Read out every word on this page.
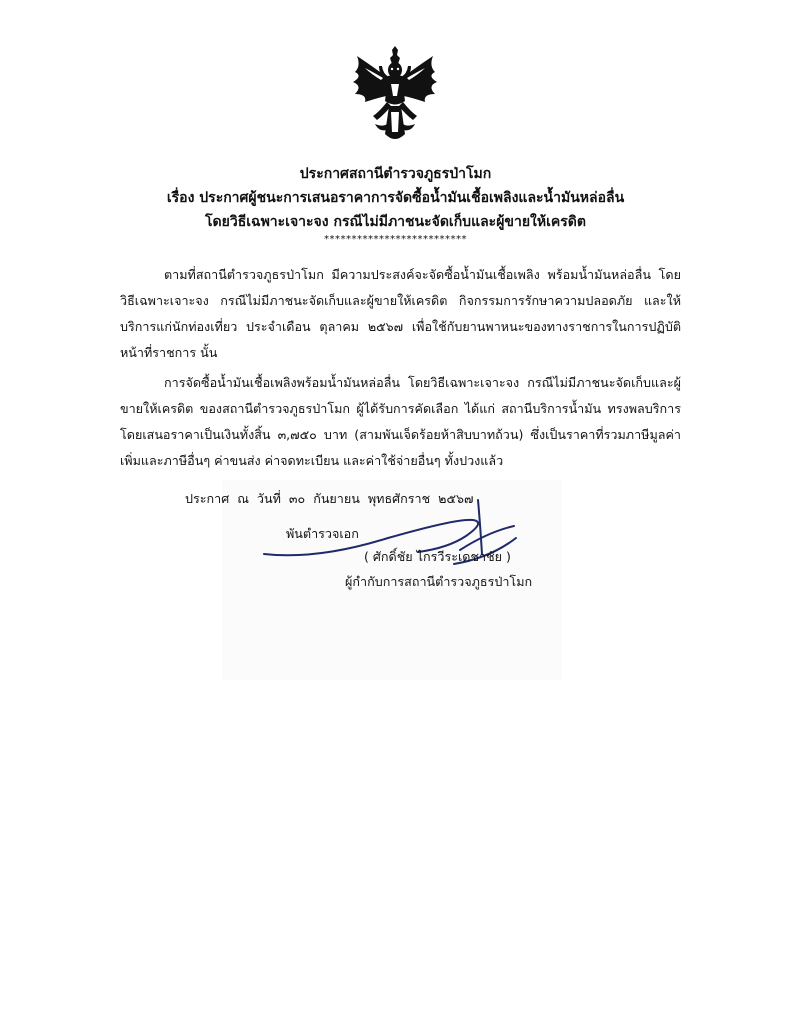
ประกาศสถานีตำรวจภูธรป่าโมก
เรื่อง ประกาศผู้ชนะการเสนอราคาการจัดซื้อน้ำมันเชื้อเพลิงและน้ำมันหล่อลื่น
โดยวิธีเฉพาะเจาะจง กรณีไม่มีภาชนะจัดเก็บและผู้ขายให้เครดิต
**************************

ตามที่สถานีตำรวจภูธรป่าโมก มีความประสงค์จะจัดซื้อน้ำมันเชื้อเพลิง พร้อมน้ำมันหล่อลื่น โดยวิธีเฉพาะเจาะจง กรณีไม่มีภาชนะจัดเก็บและผู้ขายให้เครดิต กิจกรรมการรักษาความปลอดภัย และให้บริการแก่นักท่องเที่ยว ประจำเดือน ตุลาคม ๒๕๖๗ เพื่อใช้กับยานพาหนะของทางราชการในการปฏิบัติหน้าที่ราชการ นั้น

การจัดซื้อน้ำมันเชื้อเพลิงพร้อมน้ำมันหล่อลื่น โดยวิธีเฉพาะเจาะจง กรณีไม่มีภาชนะจัดเก็บและผู้ขายให้เครดิต ของสถานีตำรวจภูธรป่าโมก ผู้ได้รับการคัดเลือก ได้แก่ สถานีบริการน้ำมัน ทรงพลบริการ โดยเสนอราคาเป็นเงินทั้งสิ้น ๓,๗๕๐ บาท (สามพันเจ็ดร้อยห้าสิบบาทถ้วน) ซึ่งเป็นราคาที่รวมภาษีมูลค่าเพิ่มและภาษีอื่นๆ ค่าขนส่ง ค่าจดทะเบียน และค่าใช้จ่ายอื่นๆ ทั้งปวงแล้ว

ประกาศ ณ วันที่ ๓๐ กันยายน พุทธศักราช ๒๕๖๗
พันตำรวจเอก
( ศักดิ์ชัย ไกรวีระเดชาชัย )
ผู้กำกับการสถานีตำรวจภูธรป่าโมก
